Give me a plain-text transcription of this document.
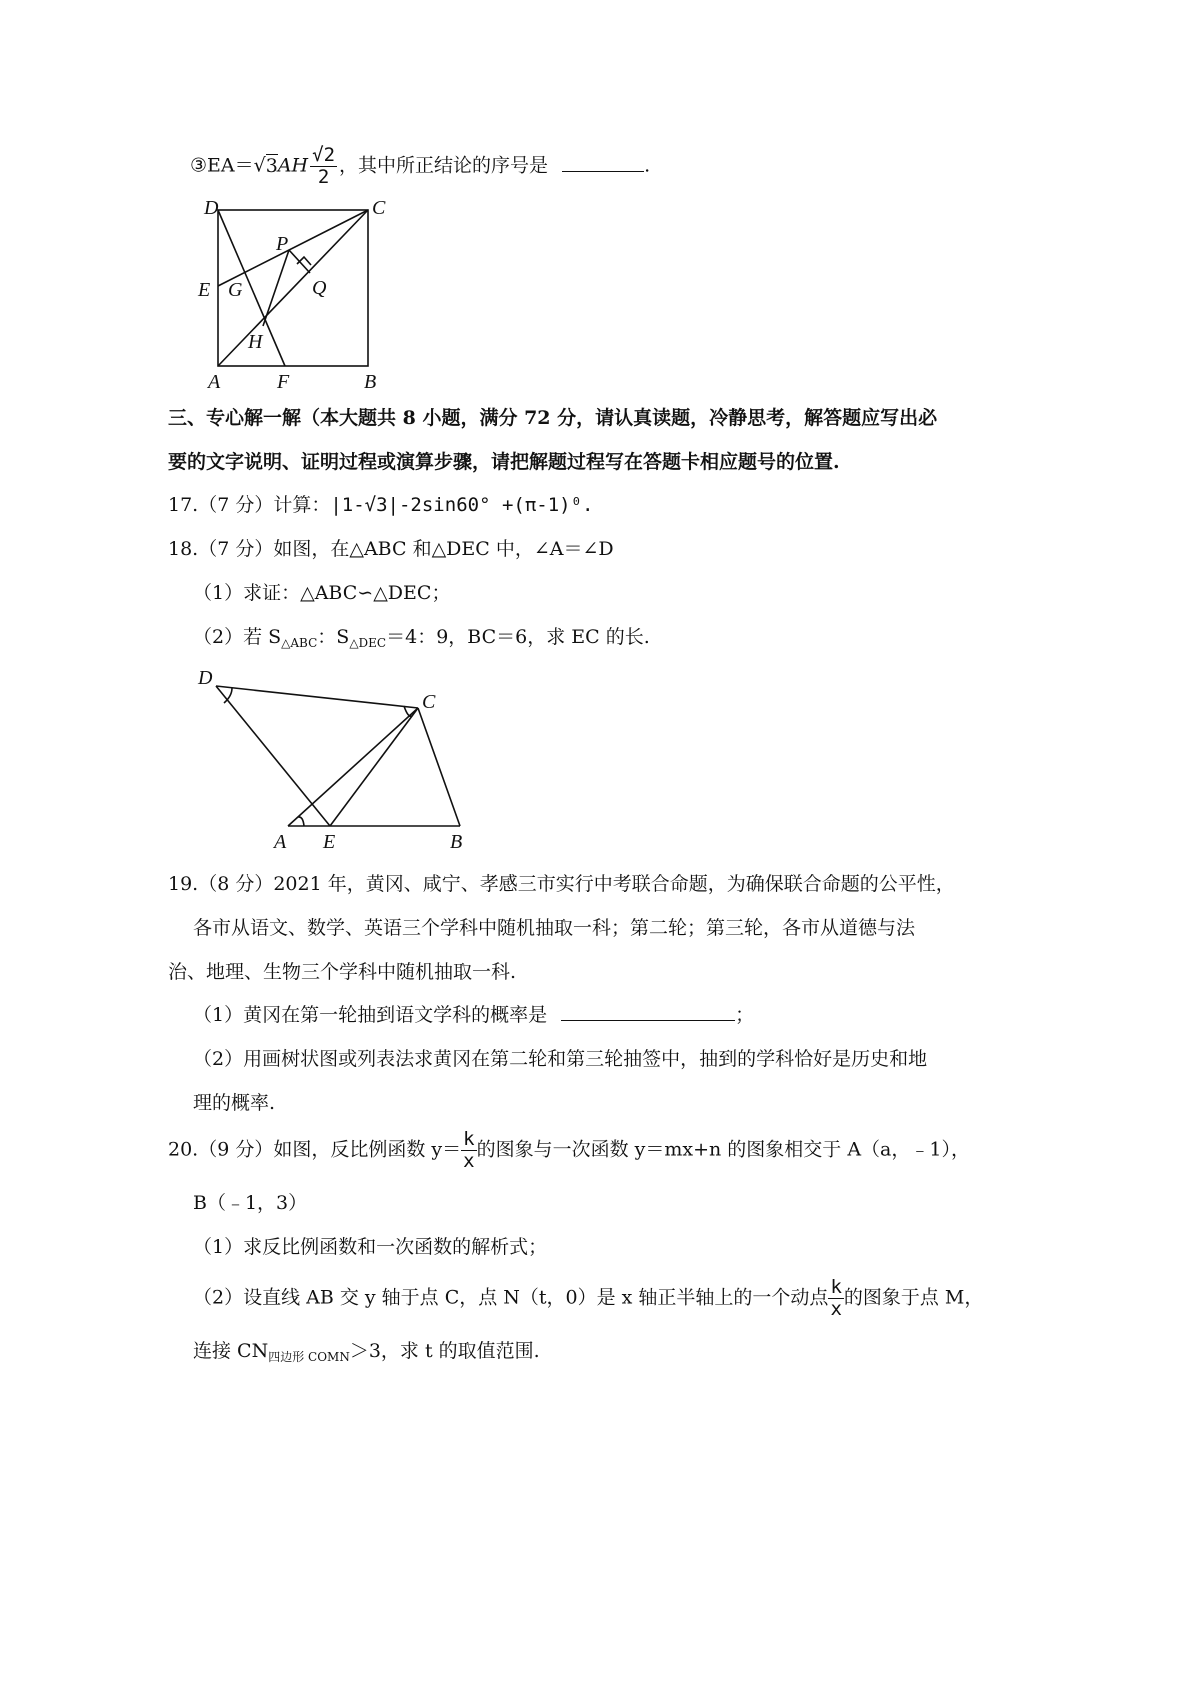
③EA＝√3AH $\frac{√2}{2}$ ，其中所正结论的序号是	.
D	C
P
E G	Q
H
A	F	B
三、专心解一解（本大题共 8 小题，满分 72 分，请认真读题，冷静思考，解答题应写出必
要的文字说明、证明过程或演算步骤，请把解题过程写在答题卡相应题号的位置.
17.（7 分）计算：|1-√3|-2sin60° +(π-1)⁰.
18.（7 分）如图，在△ABC 和△DEC 中，∠A＝∠D
（1）求证：△ABC∽△DEC；
（2）若 $S_{\triangle ABC}$：$S_{\triangle DEC}=4$：9，BC＝6，求 EC 的长.
D
C
A E	B
19.（8 分）2021 年，黄冈、咸宁、孝感三市实行中考联合命题，为确保联合命题的公平性，
各市从语文、数学、英语三个学科中随机抽取一科；第二轮；第三轮，各市从道德与法
治、地理、生物三个学科中随机抽取一科.
（1）黄冈在第一轮抽到语文学科的概率是	；
（2）用画树状图或列表法求黄冈在第二轮和第三轮抽签中，抽到的学科恰好是历史和地
理的概率.
20.（9 分）如图，反比例函数 $y= \frac{k}{x}$ 的图象与一次函数 y＝mx+n 的图象相交于 A（a，﹣1），
B（﹣1，3）
（1）求反比例函数和一次函数的解析式；
（2）设直线 AB 交 y 轴于点 C，点 N（t，0）是 x 轴正半轴上的一个动点 $\frac{k}{x}$ 的图象于点 M，
连接 $CN_{四边形 COMN}>3$，求 t 的取值范围.
